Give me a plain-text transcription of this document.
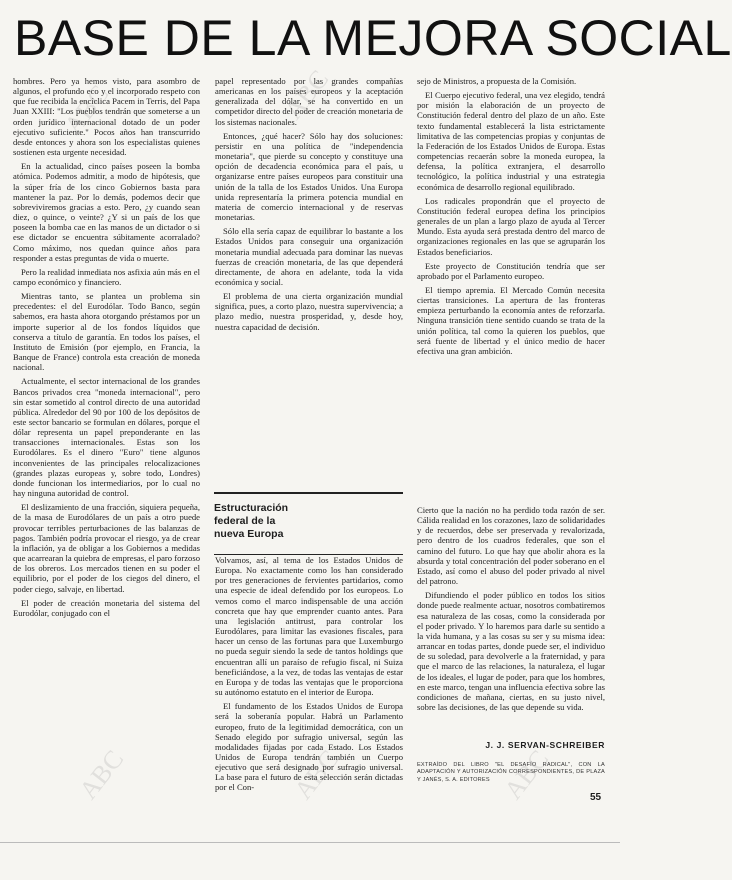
BASE DE LA MEJORA SOCIAL

hombres. Pero ya hemos visto, para asombro de algunos, el profundo eco y el incorporado respeto con que fue recibida la encíclica Pacem in Terris, del Papa Juan XXIII: "Los pueblos tendrán que someterse a un orden jurídico internacional dotado de un poder ejecutivo suficiente." Pocos años han transcurrido desde entonces y ahora son los especialistas quienes sostienen esta urgente necesidad.

En la actualidad, cinco países poseen la bomba atómica. Podemos admitir, a modo de hipótesis, que la súper fría de los cinco Gobiernos basta para mantener la paz. Por lo demás, podemos decir que sobreviviremos gracias a esto. Pero, ¿y cuando sean diez, o quince, o veinte? ¿Y si un país de los que poseen la bomba cae en las manos de un dictador o si ese dictador se encuentra súbitamente acorralado? Como máximo, nos quedan quince años para responder a estas preguntas de vida o muerte.

Pero la realidad inmediata nos asfixia aún más en el campo económico y financiero.

Mientras tanto, se plantea un problema sin precedentes: el del Eurodólar. Todo Banco, según sabemos, era hasta ahora otorgando préstamos por un importe superior al de los fondos líquidos que conserva a título de garantía. En todos los países, el Instituto de Emisión (por ejemplo, en Francia, la Banque de France) controla esta creación de moneda nacional.

Actualmente, el sector internacional de los grandes Bancos privados crea "moneda internacional", pero sin estar sometido al control directo de una autoridad pública. Alrededor del 90 por 100 de los depósitos de este sector bancario se formulan en dólares, porque el dólar representa un papel preponderante en las transacciones internacionales. Estas son los Eurodólares. Es el dinero "Euro" tiene algunos inconvenientes de las principales relocalizaciones (grandes plazas europeas y, sobre todo, Londres) donde funcionan los intermediarios, por lo cual no hay ninguna autoridad de control.

El deslizamiento de una fracción, siquiera pequeña, de la masa de Eurodólares de un país a otro puede provocar terribles perturbaciones de las balanzas de pagos. También podría provocar el riesgo, ya de crear la inflación, ya de obligar a los Gobiernos a medidas que acarrearan la quiebra de empresas, el paro forzoso de los obreros. Los mercados tienen en su poder el equilibrio, por el poder de los ciegos del dinero, el poder ciego, salvaje, en libertad.

El poder de creación monetaria del sistema del Eurodólar, conjugado con el

papel representado por las grandes compañías americanas en los países europeos y la aceptación generalizada del dólar, se ha convertido en un competidor directo del poder de creación monetaria de los sistemas nacionales.

Entonces, ¿qué hacer? Sólo hay dos soluciones: persistir en una política de "independencia monetaria", que pierde su concepto y constituye una opción de decadencia económica para el país, u organizarse entre países europeos para constituir una unión de la talla de los Estados Unidos. Una Europa unida representaría la primera potencia mundial en materia de comercio internacional y de reservas monetarias.

Sólo ella sería capaz de equilibrar lo bastante a los Estados Unidos para conseguir una organización monetaria mundial adecuada para dominar las nuevas fuerzas de creación monetaria, de las que dependerá directamente, de ahora en adelante, toda la vida económica y social.

El problema de una cierta organización mundial significa, pues, a corto plazo, nuestra supervivencia; a plazo medio, nuestra prosperidad, y, desde hoy, nuestra capacidad de decisión.

Estructuración federal de la nueva Europa

Volvamos, así, al tema de los Estados Unidos de Europa. No exactamente como los han considerado por tres generaciones de fervientes partidarios, como una especie de ideal defendido por los europeos. Lo vemos como el marco indispensable de una acción concreta que hay que emprender cuanto antes. Para una legislación antitrust, para controlar los Eurodólares, para limitar las evasiones fiscales, para hacer un censo de las fortunas para que Luxemburgo no pueda seguir siendo la sede de tantos holdings que encuentran allí un paraíso de refugio fiscal, ni Suiza beneficiándose, a la vez, de todas las ventajas de estar en Europa y de todas las ventajas que le proporciona su autónomo estatuto en el interior de Europa.

El fundamento de los Estados Unidos de Europa será la soberanía popular. Habrá un Parlamento europeo, fruto de la legitimidad democrática, con un Senado elegido por sufragio universal, según las modalidades fijadas por cada Estado. Los Estados Unidos de Europa tendrán también un Cuerpo ejecutivo que será designado por sufragio universal. La base para el futuro de esta selección serán dictadas por el Con-

sejo de Ministros, a propuesta de la Comisión.

El Cuerpo ejecutivo federal, una vez elegido, tendrá por misión la elaboración de un proyecto de Constitución federal dentro del plazo de un año. Este texto fundamental establecerá la lista estrictamente limitativa de las competencias propias y conjuntas de la Federación de los Estados Unidos de Europa. Estas competencias recaerán sobre la moneda europea, la defensa, la política extranjera, el desarrollo tecnológico, la política industrial y una estrategia económica de desarrollo regional equilibrado.

Los radicales propondrán que el proyecto de Constitución federal europea defina los principios generales de un plan a largo plazo de ayuda al Tercer Mundo. Esta ayuda será prestada dentro del marco de organizaciones regionales en las que se agruparán los Estados beneficiarios.

Este proyecto de Constitución tendría que ser aprobado por el Parlamento europeo.

El tiempo apremia. El Mercado Común necesita ciertas transiciones. La apertura de las fronteras empieza perturbando la economía antes de reforzarla. Ninguna transición tiene sentido cuando se trata de la unión política, tal como la quieren los pueblos, que será fuente de libertad y el único medio de hacer efectiva una gran ambición.

Cierto que la nación no ha perdido toda razón de ser. Cálida realidad en los corazones, lazo de solidaridades y de recuerdos, debe ser preservada y revalorizada, pero dentro de los cuadros federales, que son el camino del futuro. Lo que hay que abolir ahora es la absurda y total concentración del poder soberano en el Estado, así como el abuso del poder privado al nivel del patrono.

Difundiendo el poder público en todos los sitios donde puede realmente actuar, nosotros combatiremos esa naturaleza de las cosas, como la considerada por el poder privado. Y lo haremos para darle su sentido a la vida humana, y a las cosas su ser y su misma idea: arrancar en todas partes, donde puede ser, el individuo de su soledad, para devolverle a la fraternidad, y para que el marco de las relaciones, la naturaleza, el lugar de los ideales, el lugar de poder, para que los hombres, en este marco, tengan una influencia efectiva sobre las condiciones de mañana, ciertas, en su justo nivel, sobre las decisiones, de las que depende su vida.

J. J. SERVAN-SCHREIBER
EXTRAÍDO DEL LIBRO "EL DESAFÍO RADICAL", CON LA ADAPTACIÓN Y AUTORIZACIÓN CORRESPONDIENTES, DE PLAZA Y JANÉS, S. A. EDITORES
55
ABC	ABC
ABC	ABC	ABC
